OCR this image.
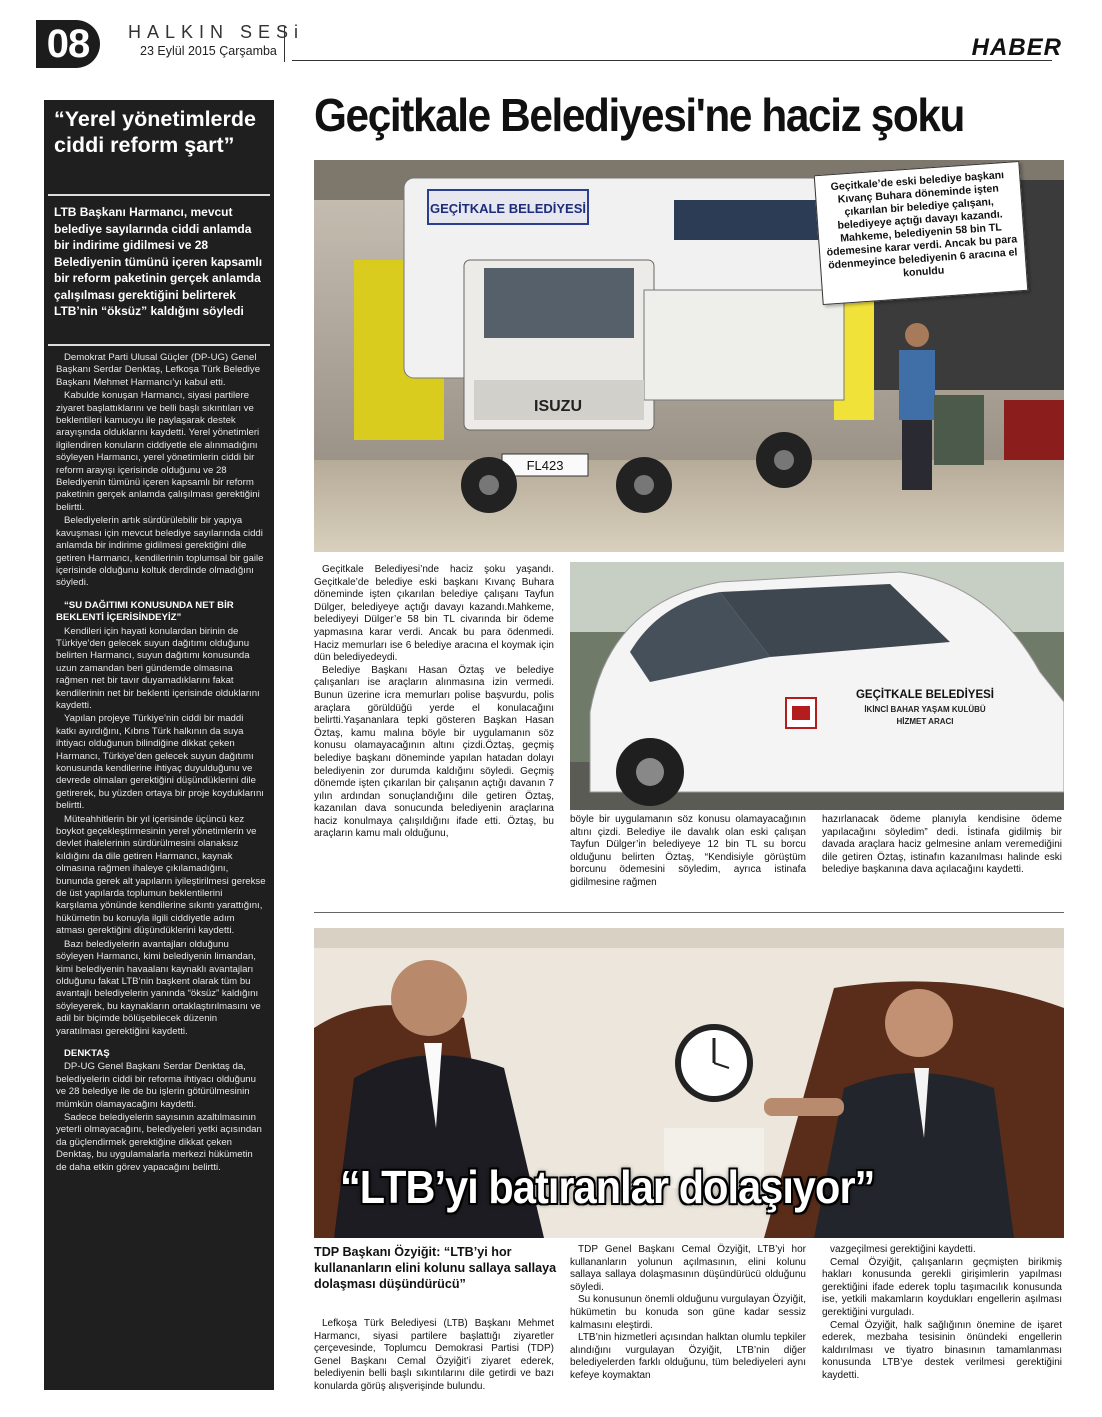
08	HALKIN SESi
23 Eylül 2015 Çarşamba	HABER
“Yerel yönetimlerde ciddi reform şart”
LTB Başkanı Harmancı, mevcut belediye sayılarında ciddi anlamda bir indirime gidilmesi ve 28 Belediyenin tümünü içeren kapsamlı bir reform paketinin gerçek anlamda çalışılması gerektiğini belirterek LTB’nin “öksüz” kaldığını söyledi

Demokrat Parti Ulusal Güçler (DP-UG) Genel Başkanı Serdar Denktaş, Lefkoşa Türk Belediye Başkanı Mehmet Harmancı’yı kabul etti.

Kabulde konuşan Harmancı, siyasi partilere ziyaret başlattıklarını ve belli başlı sıkıntıları ve beklentileri kamuoyu ile paylaşarak destek arayışında olduklarını kaydetti. Yerel yönetimleri ilgilendiren konuların ciddiyetle ele alınmadığını söyleyen Harmancı, yerel yönetimlerin ciddi bir reform arayışı içerisinde olduğunu ve 28 Belediyenin tümünü içeren kapsamlı bir reform paketinin gerçek anlamda çalışılması gerektiğini belirtti.

Belediyelerin artık sürdürülebilir bir yapıya kavuşması için mevcut belediye sayılarında ciddi anlamda bir indirime gidilmesi gerektiğini dile getiren Harmancı, kendilerinin toplumsal bir gaile içerisinde olduğunu koltuk derdinde olmadığını söyledi.

“SU DAĞITIMI KONUSUNDA NET BİR BEKLENTİ İÇERİSİNDEYİZ”

Kendileri için hayati konulardan birinin de Türkiye’den gelecek suyun dağıtımı olduğunu belirten Harmancı, suyun dağıtımı konusunda uzun zamandan beri gündemde olmasına rağmen net bir tavır duyamadıklarını fakat kendilerinin net bir beklenti içerisinde olduklarını kaydetti.

Yapılan projeye Türkiye’nin ciddi bir maddi katkı ayırdığını, Kıbrıs Türk halkının da suya ihtiyacı olduğunun bilindiğine dikkat çeken Harmancı, Türkiye’den gelecek suyun dağıtımı konusunda kendilerine ihtiyaç duyulduğunu ve devrede olmaları gerektiğini düşündüklerini dile getirerek, bu yüzden ortaya bir proje koyduklarını belirtti.

Müteahhitlerin bir yıl içerisinde üçüncü kez boykot geçekleştirmesinin yerel yönetimlerin ve devlet ihalelerinin sürdürülmesini olanaksız kıldığını da dile getiren Harmancı, kaynak olmasına rağmen ihaleye çıkılamadığını, bununda gerek alt yapıların iyileştirilmesi gerekse de üst yapılarda toplumun beklentilerini karşılama yönünde kendilerine sıkıntı yarattığını, hükümetin bu konuyla ilgili ciddiyetle adım atması gerektiğini düşündüklerini kaydetti.

Bazı belediyelerin avantajları olduğunu söyleyen Harmancı, kimi belediyenin limandan, kimi belediyenin havaalanı kaynaklı avantajları olduğunu fakat LTB’nin başkent olarak tüm bu avantajlı belediyelerin yanında “öksüz” kaldığını söyleyerek, bu kaynakların ortaklaştırılmasını ve adil bir biçimde bölüşebilecek düzenin yaratılması gerektiğini kaydetti.

DENKTAŞ

DP-UG Genel Başkanı Serdar Denktaş da, belediyelerin ciddi bir reforma ihtiyacı olduğunu ve 28 belediye ile de bu işlerin götürülmesinin mümkün olamayacağını kaydetti.

Sadece belediyelerin sayısının azaltılmasının yeterli olmayacağını, belediyeleri yetki açısından da güçlendirmek gerektiğine dikkat çeken Denktaş, bu uygulamalarla merkezi hükümetin de daha etkin görev yapacağını belirtti.

Geçitkale Belediyesi'ne haciz şoku
GEÇİTKALE BELEDİYESİ
ISUZU
FL423
Geçitkale’de eski belediye başkanı Kıvanç Buhara döneminde işten çıkarılan bir belediye çalışanı, belediyeye açtığı davayı kazandı. Mahkeme, belediyenin 58 bin TL ödemesine karar verdi. Ancak bu para ödenmeyince belediyenin 6 aracına el konuldu

Geçitkale Belediyesi’nde haciz şoku yaşandı. Geçitkale’de belediye eski başkanı Kıvanç Buhara döneminde işten çıkarılan belediye çalışanı Tayfun Dülger, belediyeye açtığı davayı kazandı.Mahkeme, belediyeyi Dülger’e 58 bin TL civarında bir ödeme yapmasına karar verdi. Ancak bu para ödenmedi. Haciz memurları ise 6 belediye aracına el koymak için dün belediyedeydi.

Belediye Başkanı Hasan Öztaş ve belediye çalışanları ise araçların alınmasına izin vermedi. Bunun üzerine icra memurları polise başvurdu, polis araçlara görüldüğü yerde el konulacağını belirtti.Yaşananlara tepki gösteren Başkan Hasan Öztaş, kamu malına böyle bir uygulamanın söz konusu olamayacağının altını çizdi.Öztaş, geçmiş belediye başkanı döneminde yapılan hatadan dolayı belediyenin zor durumda kaldığını söyledi. Geçmiş dönemde işten çıkarılan bir çalışanın açtığı davanın 7 yılın ardından sonuçlandığını dile getiren Öztaş, kazanılan dava sonucunda belediyenin araçlarına haciz konulmaya çalışıldığını ifade etti. Öztaş, bu araçların kamu malı olduğunu,

GEÇİTKALE BELEDİYESİ
İKİNCİ BAHAR YAŞAM KULÜBÜ
HİZMET ARACI
böyle bir uygulamanın söz konusu olamayacağının altını çizdi. Belediye ile davalık olan eski çalışan Tayfun Dülger’in belediyeye 12 bin TL su borcu olduğunu belirten Öztaş, “Kendisiyle görüştüm borcunu ödemesini söyledim, ayrıca istinafa gidilmesine rağmen
hazırlanacak ödeme planıyla kendisine ödeme yapılacağını söyledim” dedi. İstinafa gidilmiş bir davada araçlara haciz gelmesine anlam veremediğini dile getiren Öztaş, istinafın kazanılması halinde eski belediye başkanına dava açılacağını kaydetti.
“LTB’yi batıranlar dolaşıyor”
TDP Başkanı Özyiğit: “LTB’yi hor kullananların elini kolunu sallaya sallaya dolaşması düşündürücü”

Lefkoşa Türk Belediyesi (LTB) Başkanı Mehmet Harmancı, siyasi partilere başlattığı ziyaretler çerçevesinde, Toplumcu Demokrasi Partisi (TDP) Genel Başkanı Cemal Özyiğit’i ziyaret ederek, belediyenin belli başlı sıkıntılarını dile getirdi ve bazı konularda görüş alışverişinde bulundu.

TDP Genel Başkanı Cemal Özyiğit, LTB’yi hor kullananların yolunun açılmasının, elini kolunu sallaya sallaya dolaşmasının düşündürücü olduğunu söyledi.

Su konusunun önemli olduğunu vurgulayan Özyiğit, hükümetin bu konuda son güne kadar sessiz kalmasını eleştirdi.

LTB’nin hizmetleri açısından halktan olumlu tepkiler alındığını vurgulayan Özyiğit, LTB’nin diğer belediyelerden farklı olduğunu, tüm belediyeleri aynı kefeye koymaktan

vazgeçilmesi gerektiğini kaydetti.

Cemal Özyiğit, çalışanların geçmişten birikmiş hakları konusunda gerekli girişimlerin yapılması gerektiğini ifade ederek toplu taşımacılık konusunda ise, yetkili makamların koydukları engellerin aşılması gerektiğini vurguladı.

Cemal Özyiğit, halk sağlığının önemine de işaret ederek, mezbaha tesisinin önündeki engellerin kaldırılması ve tiyatro binasının tamamlanması konusunda LTB’ye destek verilmesi gerektiğini kaydetti.
